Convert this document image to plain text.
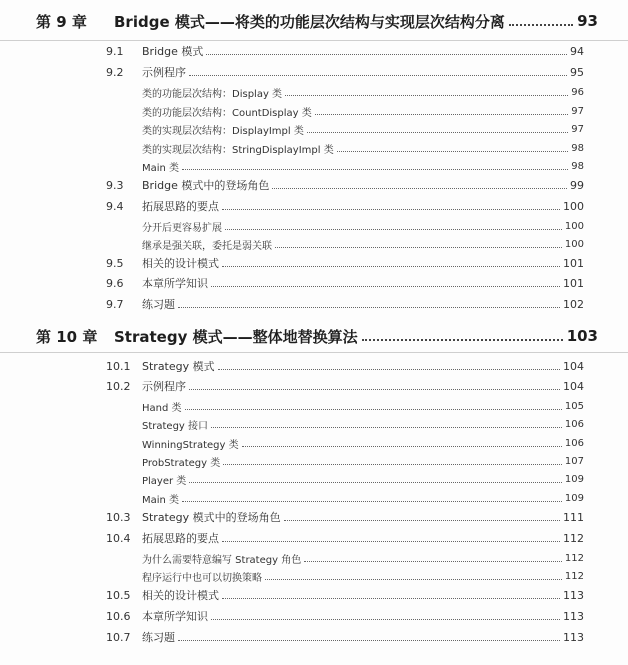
第 9 章	Bridge 模式——将类的功能层次结构与实现层次结构分离	93
9.1	Bridge 模式	94
9.2	示例程序	95
类的功能层次结构：Display 类	96
类的功能层次结构：CountDisplay 类	97
类的实现层次结构：DisplayImpl 类	97
类的实现层次结构：StringDisplayImpl 类	98
Main 类	98
9.3	Bridge 模式中的登场角色	99
9.4	拓展思路的要点	100
分开后更容易扩展	100
继承是强关联，委托是弱关联	100
9.5	相关的设计模式	101
9.6	本章所学知识	101
9.7	练习题	102
第 10 章	Strategy 模式——整体地替换算法	103
10.1	Strategy 模式	104
10.2	示例程序	104
Hand 类	105
Strategy 接口	106
WinningStrategy 类	106
ProbStrategy 类	107
Player 类	109
Main 类	109
10.3	Strategy 模式中的登场角色	111
10.4	拓展思路的要点	112
为什么需要特意编写 Strategy 角色	112
程序运行中也可以切换策略	112
10.5	相关的设计模式	113
10.6	本章所学知识	113
10.7	练习题	113
